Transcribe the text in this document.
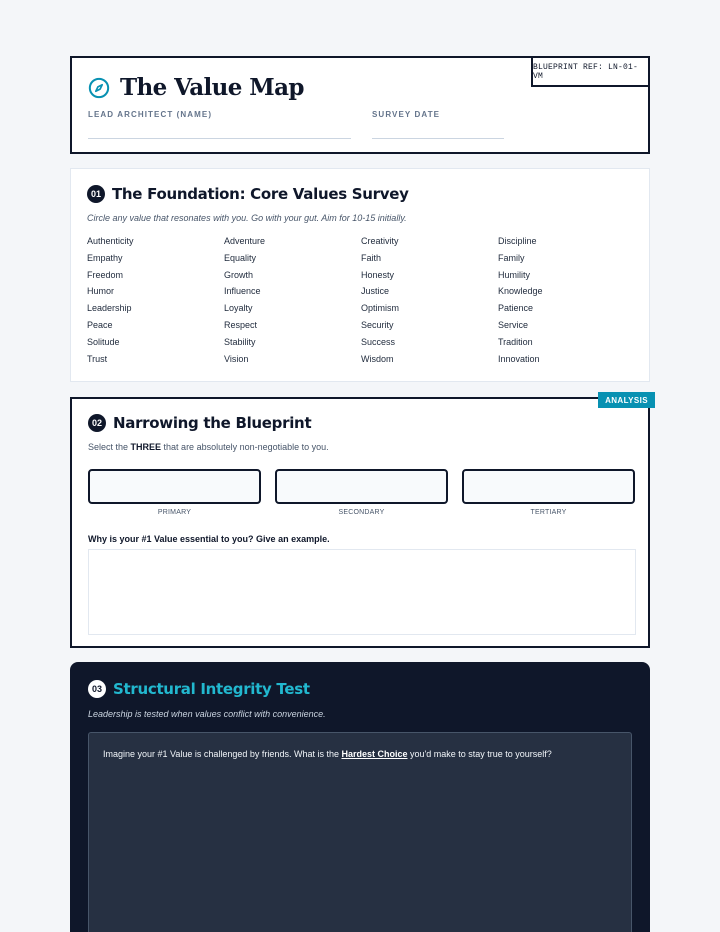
BLUEPRINT REF: LN-01-VM
The Value Map
LEAD ARCHITECT (NAME)	SURVEY DATE
01 The Foundation: Core Values Survey
Circle any value that resonates with you. Go with your gut. Aim for 10-15 initially.
Authenticity	Adventure	Creativity	Discipline
Empathy	Equality	Faith	Family
Freedom	Growth	Honesty	Humility
Humor	Influence	Justice	Knowledge
Leadership	Loyalty	Optimism	Patience
Peace	Respect	Security	Service
Solitude	Stability	Success	Tradition
Trust	Vision	Wisdom	Innovation
ANALYSIS
02 Narrowing the Blueprint
Select the THREE that are absolutely non-negotiable to you.
PRIMARY	SECONDARY	TERTIARY
Why is your #1 Value essential to you? Give an example.
03 Structural Integrity Test
Leadership is tested when values conflict with convenience.
Imagine your #1 Value is challenged by friends. What is the Hardest Choice you'd make to stay true to yourself?
